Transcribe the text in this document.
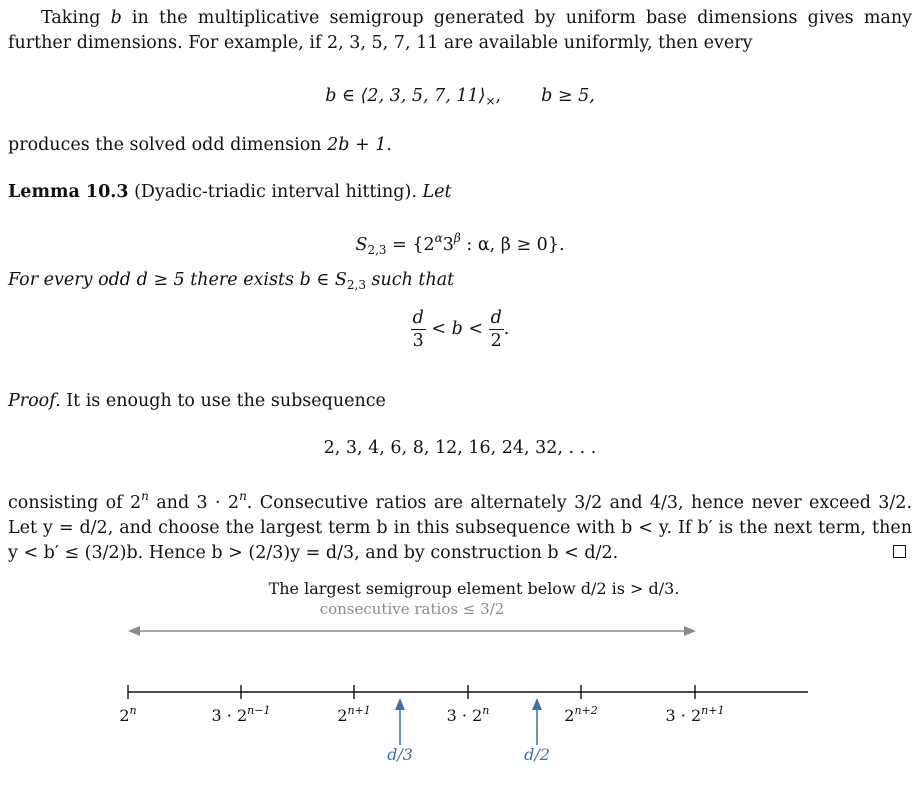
Taking b in the multiplicative semigroup generated by uniform base dimensions gives many further dimensions. For example, if 2, 3, 5, 7, 11 are available uniformly, then every

b ∈ ⟨2, 3, 5, 7, $11⟩_\times$, b ≥ 5,

produces the solved odd dimension 2b + 1.

Lemma 10.3 (Dyadic-triadic interval hitting). Let

$S_{2,3} = \{2^\alpha 3^\beta$ : α, β ≥ 0}.

For every odd d ≥ 5 there exists b ∈ $S_{2,3}$ such that

$\frac{d}{3} < b < \frac{d}{2}$ .

Proof. It is enough to use the subsequence

2, 3, 4, 6, 8, 12, 16, 24, 32, . . .

consisting of 2$^n$ and $3 \cdot 2^n$. Consecutive ratios are alternately 3/2 and 4/3, hence never exceed 3/2. Let y = d/2, and choose the largest term b in this subsequence with b < y. If b′ is the next term, then y < b′ ≤ (3/2)b. Hence b > (2/3)y = d/3, and by construction b < d/2.

The largest semigroup element below d/2 is > d/3.
consecutive ratios ≤ 3/2
2$^n$	$3 \cdot 2^{n-1}$	$2^{n+1}$	$3 \cdot 2^n$	$2^{n+2}$	$3 \cdot 2^{n+1}$
d/3	d/2
